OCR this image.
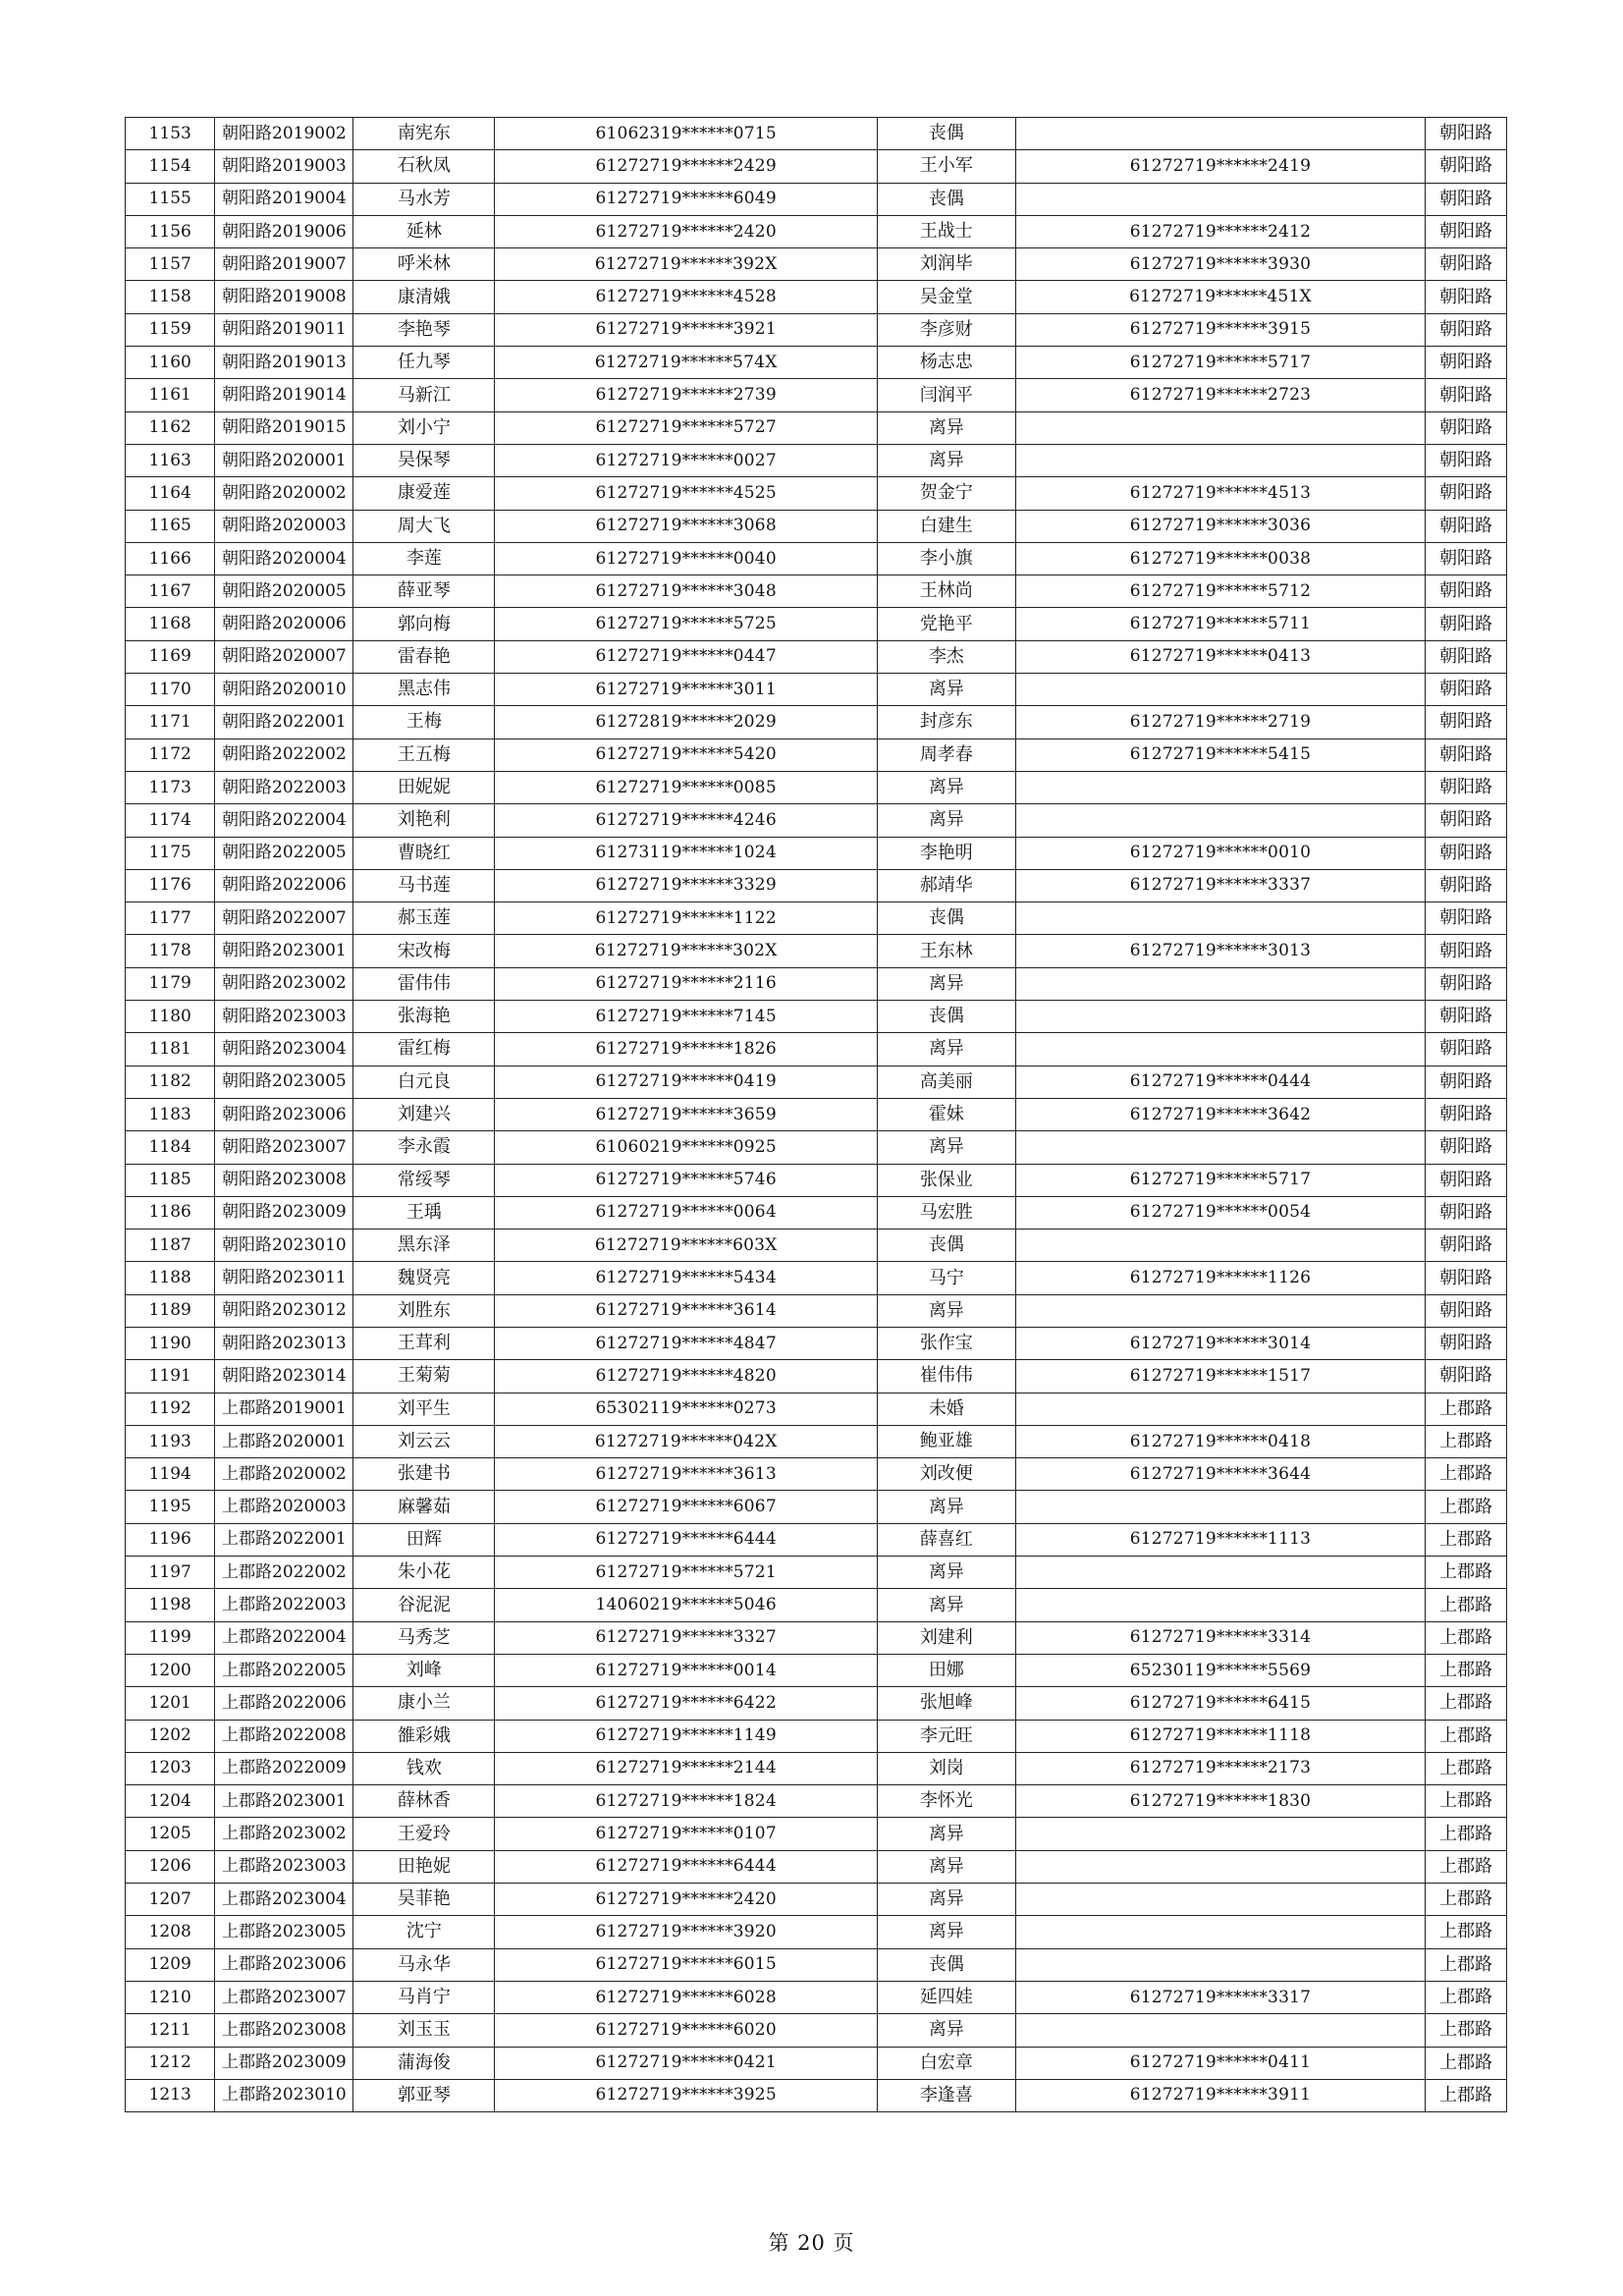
1153	朝阳路2019002	南宪东	61062319******0715	丧偶		朝阳路
1154	朝阳路2019003	石秋凤	61272719******2429	王小军	61272719******2419	朝阳路
1155	朝阳路2019004	马水芳	61272719******6049	丧偶		朝阳路
1156	朝阳路2019006	延林	61272719******2420	王战士	61272719******2412	朝阳路
1157	朝阳路2019007	呼米林	61272719******392X	刘润毕	61272719******3930	朝阳路
1158	朝阳路2019008	康清娥	61272719******4528	吴金堂	61272719******451X	朝阳路
1159	朝阳路2019011	李艳琴	61272719******3921	李彦财	61272719******3915	朝阳路
1160	朝阳路2019013	任九琴	61272719******574X	杨志忠	61272719******5717	朝阳路
1161	朝阳路2019014	马新江	61272719******2739	闫润平	61272719******2723	朝阳路
1162	朝阳路2019015	刘小宁	61272719******5727	离异		朝阳路
1163	朝阳路2020001	吴保琴	61272719******0027	离异		朝阳路
1164	朝阳路2020002	康爱莲	61272719******4525	贺金宁	61272719******4513	朝阳路
1165	朝阳路2020003	周大飞	61272719******3068	白建生	61272719******3036	朝阳路
1166	朝阳路2020004	李莲	61272719******0040	李小旗	61272719******0038	朝阳路
1167	朝阳路2020005	薛亚琴	61272719******3048	王林尚	61272719******5712	朝阳路
1168	朝阳路2020006	郭向梅	61272719******5725	党艳平	61272719******5711	朝阳路
1169	朝阳路2020007	雷春艳	61272719******0447	李杰	61272719******0413	朝阳路
1170	朝阳路2020010	黑志伟	61272719******3011	离异		朝阳路
1171	朝阳路2022001	王梅	61272819******2029	封彦东	61272719******2719	朝阳路
1172	朝阳路2022002	王五梅	61272719******5420	周孝春	61272719******5415	朝阳路
1173	朝阳路2022003	田妮妮	61272719******0085	离异		朝阳路
1174	朝阳路2022004	刘艳利	61272719******4246	离异		朝阳路
1175	朝阳路2022005	曹晓红	61273119******1024	李艳明	61272719******0010	朝阳路
1176	朝阳路2022006	马书莲	61272719******3329	郝靖华	61272719******3337	朝阳路
1177	朝阳路2022007	郝玉莲	61272719******1122	丧偶		朝阳路
1178	朝阳路2023001	宋改梅	61272719******302X	王东林	61272719******3013	朝阳路
1179	朝阳路2023002	雷伟伟	61272719******2116	离异		朝阳路
1180	朝阳路2023003	张海艳	61272719******7145	丧偶		朝阳路
1181	朝阳路2023004	雷红梅	61272719******1826	离异		朝阳路
1182	朝阳路2023005	白元良	61272719******0419	高美丽	61272719******0444	朝阳路
1183	朝阳路2023006	刘建兴	61272719******3659	霍妹	61272719******3642	朝阳路
1184	朝阳路2023007	李永霞	61060219******0925	离异		朝阳路
1185	朝阳路2023008	常绥琴	61272719******5746	张保业	61272719******5717	朝阳路
1186	朝阳路2023009	王瑀	61272719******0064	马宏胜	61272719******0054	朝阳路
1187	朝阳路2023010	黑东泽	61272719******603X	丧偶		朝阳路
1188	朝阳路2023011	魏贤亮	61272719******5434	马宁	61272719******1126	朝阳路
1189	朝阳路2023012	刘胜东	61272719******3614	离异		朝阳路
1190	朝阳路2023013	王茸利	61272719******4847	张作宝	61272719******3014	朝阳路
1191	朝阳路2023014	王菊菊	61272719******4820	崔伟伟	61272719******1517	朝阳路
1192	上郡路2019001	刘平生	65302119******0273	未婚		上郡路
1193	上郡路2020001	刘云云	61272719******042X	鲍亚雄	61272719******0418	上郡路
1194	上郡路2020002	张建书	61272719******3613	刘改便	61272719******3644	上郡路
1195	上郡路2020003	麻馨茹	61272719******6067	离异		上郡路
1196	上郡路2022001	田辉	61272719******6444	薛喜红	61272719******1113	上郡路
1197	上郡路2022002	朱小花	61272719******5721	离异		上郡路
1198	上郡路2022003	谷泥泥	14060219******5046	离异		上郡路
1199	上郡路2022004	马秀芝	61272719******3327	刘建利	61272719******3314	上郡路
1200	上郡路2022005	刘峰	61272719******0014	田娜	65230119******5569	上郡路
1201	上郡路2022006	康小兰	61272719******6422	张旭峰	61272719******6415	上郡路
1202	上郡路2022008	雒彩娥	61272719******1149	李元旺	61272719******1118	上郡路
1203	上郡路2022009	钱欢	61272719******2144	刘岗	61272719******2173	上郡路
1204	上郡路2023001	薛林香	61272719******1824	李怀光	61272719******1830	上郡路
1205	上郡路2023002	王爱玲	61272719******0107	离异		上郡路
1206	上郡路2023003	田艳妮	61272719******6444	离异		上郡路
1207	上郡路2023004	吴菲艳	61272719******2420	离异		上郡路
1208	上郡路2023005	沈宁	61272719******3920	离异		上郡路
1209	上郡路2023006	马永华	61272719******6015	丧偶		上郡路
1210	上郡路2023007	马肖宁	61272719******6028	延四娃	61272719******3317	上郡路
1211	上郡路2023008	刘玉玉	61272719******6020	离异		上郡路
1212	上郡路2023009	蒲海俊	61272719******0421	白宏章	61272719******0411	上郡路
1213	上郡路2023010	郭亚琴	61272719******3925	李逢喜	61272719******3911	上郡路
第 20 页
